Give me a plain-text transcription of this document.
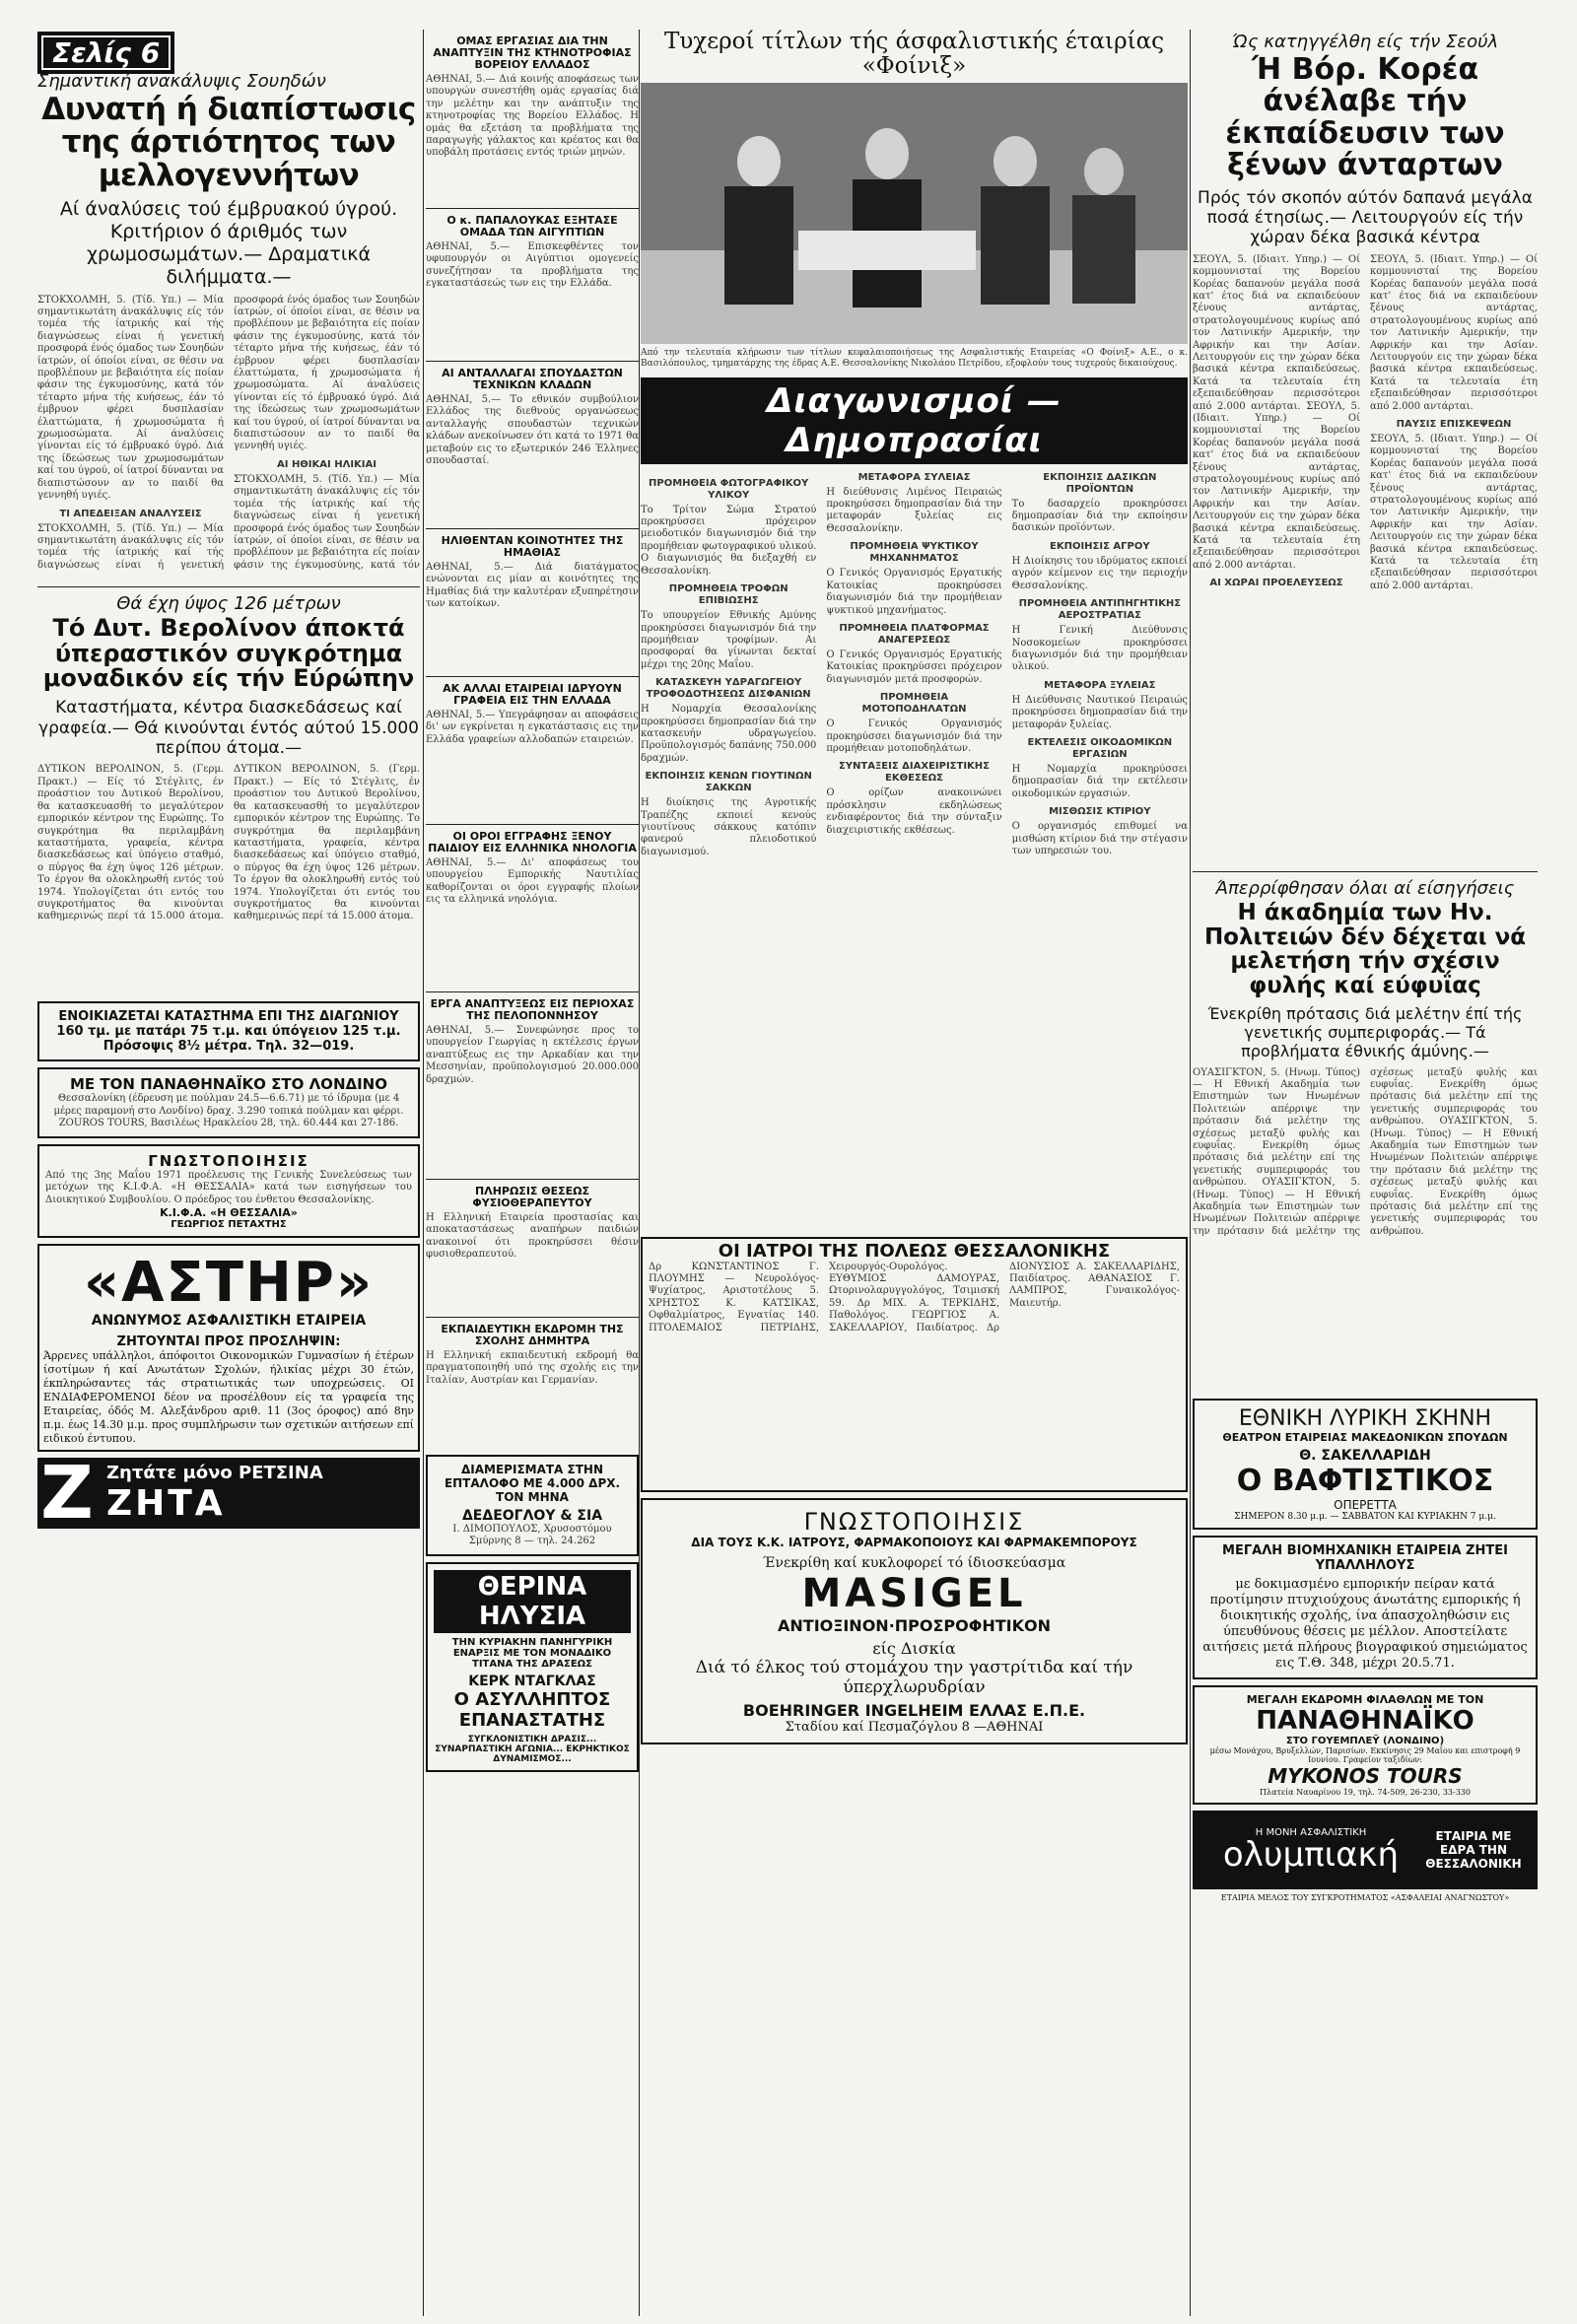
Σελίς 6
Σημαντική ανακάλυψις Σουηδών
Δυνατή ή διαπίστωσις της άρτιότητος των μελλογεννήτων
Αί άναλύσεις τού έμβρυακού ύγρού. Κριτήριον ό άριθμός των χρωμοσωμάτων.— Δραματικά διλήμματα.—
ΣΤΟΚΧΟΛΜΗ, 5. (Τίδ. Υπ.) — Μία σημαντικωτάτη άνακάλυψις είς τόν τομέα τής ίατρικής καί τής διαγνώσεως είναι ή γενετική προσφορά ένός όμαδος των Σουηδών ίατρών, οί όποίοι είναι, σε θέσιν να προβλέπουν με βεβαιότητα είς ποίαν φάσιν της έγκυμοσύνης, κατά τόν τέταρτο μήνα τής κυήσεως, έάν τό έμβρυον φέρει δυσπλασίαν έλαττώματα, ή χρωμοσώματα ή χρωμοσώματα. Αί άναλύσεις γίνονται είς τό έμβρυακό ύγρό. Διά της ίδεώσεως των χρωμοσωμάτων καί του ύγρού, οί ίατροί δύνανται να διαπιστώσουν αν το παιδί θα γεννηθή υγιές.
ΤΙ ΑΠΕΔΕΙΞΑΝ ΑΝΑΛΥΣΕΙΣ
ΣΤΟΚΧΟΛΜΗ, 5. (Τίδ. Υπ.) — Μία σημαντικωτάτη άνακάλυψις είς τόν τομέα τής ίατρικής καί τής διαγνώσεως είναι ή γενετική προσφορά ένός όμαδος των Σουηδών ίατρών, οί όποίοι είναι, σε θέσιν να προβλέπουν με βεβαιότητα είς ποίαν φάσιν της έγκυμοσύνης, κατά τόν τέταρτο μήνα τής κυήσεως, έάν τό έμβρυον φέρει δυσπλασίαν έλαττώματα, ή χρωμοσώματα ή χρωμοσώματα. Αί άναλύσεις γίνονται είς τό έμβρυακό ύγρό. Διά της ίδεώσεως των χρωμοσωμάτων καί του ύγρού, οί ίατροί δύνανται να διαπιστώσουν αν το παιδί θα γεννηθή υγιές.
ΑΙ ΗΘΙΚΑΙ ΗΛΙΚΙΑΙ
ΣΤΟΚΧΟΛΜΗ, 5. (Τίδ. Υπ.) — Μία σημαντικωτάτη άνακάλυψις είς τόν τομέα τής ίατρικής καί τής διαγνώσεως είναι ή γενετική προσφορά ένός όμαδος των Σουηδών ίατρών, οί όποίοι είναι, σε θέσιν να προβλέπουν με βεβαιότητα είς ποίαν φάσιν της έγκυμοσύνης, κατά τόν
Θά έχη ύψος 126 μέτρων
Τό Δυτ. Βερολίνον άποκτά ύπεραστικόν συγκρότημα μοναδικόν είς τήν Εύρώπην
Καταστήματα, κέντρα διασκεδάσεως καί γραφεία.— Θά κινούνται έντός αύτού 15.000 περίπου άτομα.—
ΔΥΤΙΚΟΝ ΒΕΡΟΛΙΝΟΝ, 5. (Γερμ. Πρακτ.) — Είς τό Στέγλιτς, έν προάστιον του Δυτικού Βερολίνου, θα κατασκευασθή το μεγαλύτερον εμπορικόν κέντρον της Ευρώπης. Το συγκρότημα θα περιλαμβάνη καταστήματα, γραφεία, κέντρα διασκεδάσεως καί ύπόγειο σταθμό, ο πύργος θα έχη ύψος 126 μέτρων. Το έργον θα ολοκληρωθή εντός τού 1974. Υπολογίζεται ότι εντός του συγκροτήματος θα κινούνται καθημερινώς περί τά 15.000 άτομα. ΔΥΤΙΚΟΝ ΒΕΡΟΛΙΝΟΝ, 5. (Γερμ. Πρακτ.) — Είς τό Στέγλιτς, έν προάστιον του Δυτικού Βερολίνου, θα κατασκευασθή το μεγαλύτερον εμπορικόν κέντρον της Ευρώπης. Το συγκρότημα θα περιλαμβάνη καταστήματα, γραφεία, κέντρα διασκεδάσεως καί ύπόγειο σταθμό, ο πύργος θα έχη ύψος 126 μέτρων. Το έργον θα ολοκληρωθή εντός τού 1974. Υπολογίζεται ότι εντός του συγκροτήματος θα κινούνται καθημερινώς περί τά 15.000 άτομα.
ΕΝΟΙΚΙΑΖΕΤΑΙ ΚΑΤΑΣΤΗΜΑ ΕΠΙ ΤΗΣ ΔΙΑΓΩΝΙΟΥ
160 τμ. με πατάρι 75 τ.μ. και ύπόγειον 125 τ.μ. Πρόσοψις 8½ μέτρα. Τηλ. 32—019.
ΜΕ ΤΟΝ ΠΑΝΑΘΗΝΑΪΚΟ ΣΤΟ ΛΟΝΔΙΝΟ
Θεσσαλονίκη (έδρευση με πούλμαν 24.5—6.6.71) με τό ίδρυμα (με 4 μέρες παραμονή στο Λονδίνο) δραχ. 3.290 τοπικά πούλμαν και φέρρι. ZOUROS TOURS, Βασιλέως Ηρακλείου 28, τηλ. 60.444 και 27-186.
ΓΝΩΣΤΟΠΟΙΗΣΙΣ
Από της 3ης Μαΐου 1971 προέλευσις της Γενικής Συνελεύσεως των μετόχων της Κ.Ι.Φ.Α. «Η ΘΕΣΣΑΛΙΑ» κατά των εισηγήσεων του Διοικητικού Συμβουλίου. Ο πρόεδρος του ένθετου Θεσσαλονίκης.
Κ.Ι.Φ.Α. «Η ΘΕΣΣΑΛΙΑ»
ΓΕΩΡΓΙΟΣ ΠΕΤΑΧΤΗΣ
«ΑΣΤΗΡ»
ΑΝΩΝΥΜΟΣ ΑΣΦΑΛΙΣΤΙΚΗ ΕΤΑΙΡΕΙΑ
ΖΗΤΟΥΝΤΑΙ ΠΡΟΣ ΠΡΟΣΛΗΨΙΝ:
Άρρενες υπάλληλοι, άπόφοιτοι Οικονομικών Γυμνασίων ή έτέρων ίσοτίμων ή καί Ανωτάτων Σχολών, ήλικίας μέχρι 30 έτών, έκπληρώσαντες τάς στρατιωτικάς των υποχρεώσεις. ΟΙ ΕΝΔΙΑΦΕΡΟΜΕΝΟΙ δέον να προσέλθουν είς τα γραφεία της Εταιρείας, όδός Μ. Αλεξάνδρου αριθ. 11 (3ος όροφος) από 8ην π.μ. έως 14.30 μ.μ. προς συμπλήρωσιν των σχετικών αιτήσεων επί ειδικού έντυπου.
Z Ζητάτε μόνο ΡΕΤΣΙΝΑ
ΖΗΤΑ
ΟΜΑΣ ΕΡΓΑΣΙΑΣ ΔΙΑ ΤΗΝ ΑΝΑΠΤΥΞΙΝ ΤΗΣ ΚΤΗΝΟΤΡΟΦΙΑΣ ΒΟΡΕΙΟΥ ΕΛΛΑΔΟΣ
ΑΘΗΝΑΙ, 5.— Διά κοινής αποφάσεως των υπουργών συνεστήθη ομάς εργασίας διά την μελέτην και την ανάπτυξιν της κτηνοτροφίας της Βορείου Ελλάδος. Η ομάς θα εξετάση τα προβλήματα της παραγωγής γάλακτος και κρέατος και θα υποβάλη προτάσεις εντός τριών μηνών.
Ο κ. ΠΑΠΑΛΟΥΚΑΣ ΕΞΗΤΑΣΕ ΟΜΑΔΑ ΤΩΝ ΑΙΓΥΠΤΙΩΝ
ΑΘΗΝΑΙ, 5.— Επισκεφθέντες τον υφυπουργόν οι Αιγύπτιοι ομογενείς συνεζήτησαν τα προβλήματα της εγκαταστάσεώς των εις την Ελλάδα.
ΑΙ ΑΝΤΑΛΛΑΓΑΙ ΣΠΟΥΔΑΣΤΩΝ ΤΕΧΝΙΚΩΝ ΚΛΑΔΩΝ
ΑΘΗΝΑΙ, 5.— Το εθνικόν συμβούλιον Ελλάδος της διεθνούς οργανώσεως ανταλλαγής σπουδαστών τεχνικών κλάδων ανεκοίνωσεν ότι κατά το 1971 θα μεταβούν εις το εξωτερικόν 246 Έλληνες σπουδασταί.
ΗΛΙΘΕΝΤΑΝ ΚΟΙΝΟΤΗΤΕΣ ΤΗΣ ΗΜΑΘΙΑΣ
ΑΘΗΝΑΙ, 5.— Διά διατάγματος ενώνονται εις μίαν αι κοινότητες της Ημαθίας διά την καλυτέραν εξυπηρέτησιν των κατοίκων.
ΑΚ ΑΛΛΑΙ ΕΤΑΙΡΕΙΑΙ ΙΔΡΥΟΥΝ ΓΡΑΦΕΙΑ ΕΙΣ ΤΗΝ ΕΛΛΑΔΑ
ΑΘΗΝΑΙ, 5.— Υπεγράφησαν αι αποφάσεις δι' ων εγκρίνεται η εγκατάστασις εις την Ελλάδα γραφείων αλλοδαπών εταιρειών.
ΟΙ ΟΡΟΙ ΕΓΓΡΑΦΗΣ ΞΕΝΟΥ ΠΑΙΔΙΟΥ ΕΙΣ ΕΛΛΗΝΙΚΑ ΝΗΟΛΟΓΙΑ
ΑΘΗΝΑΙ, 5.— Δι' αποφάσεως του υπουργείου Εμπορικής Ναυτιλίας καθορίζονται οι όροι εγγραφής πλοίων εις τα ελληνικά νηολόγια.
ΕΡΓΑ ΑΝΑΠΤΥΞΕΩΣ ΕΙΣ ΠΕΡΙΟΧΑΣ ΤΗΣ ΠΕΛΟΠΟΝΝΗΣΟΥ
ΑΘΗΝΑΙ, 5.— Συνεφώνησε προς το υπουργείον Γεωργίας η εκτέλεσις έργων αναπτύξεως εις την Αρκαδίαν και την Μεσσηνίαν, προϋπολογισμού 20.000.000 δραχμών.
ΠΛΗΡΩΣΙΣ ΘΕΣΕΩΣ ΦΥΣΙΟΘΕΡΑΠΕΥΤΟΥ
Η Ελληνική Εταιρεία προστασίας και αποκαταστάσεως αναπήρων παιδιών ανακοινοί ότι προκηρύσσει θέσιν φυσιοθεραπευτού.
ΕΚΠΑΙΔΕΥΤΙΚΗ ΕΚΔΡΟΜΗ ΤΗΣ ΣΧΟΛΗΣ ΔΗΜΗΤΡΑ
Η Ελληνική εκπαιδευτική εκδρομή θα πραγματοποιηθή υπό της σχολής εις την Ιταλίαν, Αυστρίαν και Γερμανίαν.
ΔΙΑΜΕΡΙΣΜΑΤΑ ΣΤΗΝ ΕΠΤΑΛΟΦΟ ΜΕ 4.000 ΔΡΧ. ΤΟΝ ΜΗΝΑ
ΔΕΔΕΟΓΛΟΥ & ΣΙΑ
Ι. ΔΙΜΟΠΟΥΛΟΣ, Χρυσοστόμου Σμύρνης 8 — τηλ. 24.262
ΘΕΡΙΝΑ ΗΛΥΣΙΑ
ΤΗΝ ΚΥΡΙΑΚΗΝ ΠΑΝΗΓΥΡΙΚΗ ΕΝΑΡΞΙΣ ΜΕ ΤΟΝ ΜΟΝΑΔΙΚΟ ΤΙΤΑΝΑ ΤΗΣ ΔΡΑΣΕΩΣ
ΚΕΡΚ ΝΤΑΓΚΛΑΣ
Ο ΑΣΥΛΛΗΠΤΟΣ ΕΠΑΝΑΣΤΑΤΗΣ
ΣΥΓΚΛΟΝΙΣΤΙΚΗ ΔΡΑΣΙΣ... ΣΥΝΑΡΠΑΣΤΙΚΗ ΑΓΩΝΙΑ... ΕΚΡΗΚΤΙΚΟΣ ΔΥΝΑΜΙΣΜΟΣ...
Τυχεροί τίτλων τής άσφαλιστικής έταιρίας «Φοίνιξ»
Από την τελευταία κλήρωσιν των τίτλων κεφαλαιοποιήσεως της Ασφαλιστικής Εταιρείας «Ο Φοίνιξ» Α.Ε., ο κ. Βασιλόπουλος, τμηματάρχης της έδρας Α.Ε. Θεσσαλονίκης Νικολάου Πετρίδου, εξοφλούν τους τυχερούς δικαιούχους.
Διαγωνισμοί — Δημοπρασίαι
ΠΡΟΜΗΘΕΙΑ ΦΩΤΟΓΡΑΦΙΚΟΥ ΥΛΙΚΟΥ
Το Τρίτον Σώμα Στρατού προκηρύσσει πρόχειρον μειοδοτικόν διαγωνισμόν διά την προμήθειαν φωτογραφικού υλικού. Ο διαγωνισμός θα διεξαχθή εν Θεσσαλονίκη.
ΠΡΟΜΗΘΕΙΑ ΤΡΟΦΩΝ ΕΠΙΒΙΩΣΗΣ
Το υπουργείον Εθνικής Αμύνης προκηρύσσει διαγωνισμόν διά την προμήθειαν τροφίμων. Αι προσφοραί θα γίνωνται δεκταί μέχρι της 20ης Μαΐου.
ΚΑΤΑΣΚΕΥΗ ΥΔΡΑΓΩΓΕΙΟΥ ΤΡΟΦΟΔΟΤΗΣΕΩΣ ΔΙΣΦΑΝΙΩΝ
Η Νομαρχία Θεσσαλονίκης προκηρύσσει δημοπρασίαν διά την κατασκευήν υδραγωγείου. Προϋπολογισμός δαπάνης 750.000 δραχμών.
ΕΚΠΟΙΗΣΙΣ ΚΕΝΩΝ ΓΙΟΥΤΙΝΩΝ ΣΑΚΚΩΝ
Η διοίκησις της Αγροτικής Τραπέζης εκποιεί κενούς γιουτίνους σάκκους κατόπιν φανερού πλειοδοτικού διαγωνισμού.
ΜΕΤΑΦΟΡΑ ΣΥΛΕΙΑΣ
Η διεύθυνσις Λιμένος Πειραιώς προκηρύσσει δημοπρασίαν διά την μεταφοράν ξυλείας εις Θεσσαλονίκην.
ΠΡΟΜΗΘΕΙΑ ΨΥΚΤΙΚΟΥ ΜΗΧΑΝΗΜΑΤΟΣ
Ο Γενικός Οργανισμός Εργατικής Κατοικίας προκηρύσσει διαγωνισμόν διά την προμήθειαν ψυκτικού μηχανήματος.
ΠΡΟΜΗΘΕΙΑ ΠΛΑΤΦΟΡΜΑΣ ΑΝΑΓΕΡΣΕΩΣ
Ο Γενικός Οργανισμός Εργατικής Κατοικίας προκηρύσσει πρόχειρον διαγωνισμόν μετά προσφορών.
ΠΡΟΜΗΘΕΙΑ ΜΟΤΟΠΟΔΗΛΑΤΩΝ
Ο Γενικός Οργανισμός προκηρύσσει διαγωνισμόν διά την προμήθειαν μοτοποδηλάτων.
ΣΥΝΤΑΞΕΙΣ ΔΙΑΧΕΙΡΙΣΤΙΚΗΣ ΕΚΘΕΣΕΩΣ
Ο ορίζων ανακοινώνει πρόσκλησιν εκδηλώσεως ενδιαφέροντος διά την σύνταξιν διαχειριστικής εκθέσεως.
ΕΚΠΟΙΗΣΙΣ ΔΑΣΙΚΩΝ ΠΡΟΪΟΝΤΩΝ
Το δασαρχείο προκηρύσσει δημοπρασίαν διά την εκποίησιν δασικών προϊόντων.
ΕΚΠΟΙΗΣΙΣ ΑΓΡΟΥ
Η Διοίκησις του ιδρύματος εκποιεί αγρόν κείμενον εις την περιοχήν Θεσσαλονίκης.
ΠΡΟΜΗΘΕΙΑ ΑΝΤΙΠΗΓΗΤΙΚΗΣ ΑΕΡΟΣΤΡΑΤΙΑΣ
Η Γενική Διεύθυνσις Νοσοκομείων προκηρύσσει διαγωνισμόν διά την προμήθειαν υλικού.
ΜΕΤΑΦΟΡΑ ΞΥΛΕΙΑΣ
Η Διεύθυνσις Ναυτικού Πειραιώς προκηρύσσει δημοπρασίαν διά την μεταφοράν ξυλείας.
ΕΚΤΕΛΕΣΙΣ ΟΙΚΟΔΟΜΙΚΩΝ ΕΡΓΑΣΙΩΝ
Η Νομαρχία προκηρύσσει δημοπρασίαν διά την εκτέλεσιν οικοδομικών εργασιών.
ΜΙΣΘΩΣΙΣ ΚΤΙΡΙΟΥ
Ο οργανισμός επιθυμεί να μισθώση κτίριον διά την στέγασιν των υπηρεσιών του.
ΟΙ ΙΑΤΡΟΙ ΤΗΣ ΠΟΛΕΩΣ ΘΕΣΣΑΛΟΝΙΚΗΣ
Δρ ΚΩΝΣΤΑΝΤΙΝΟΣ Γ. ΠΛΟΥΜΗΣ — Νευρολόγος-Ψυχίατρος, Αριστοτέλους 5. ΧΡΗΣΤΟΣ Κ. ΚΑΤΣΙΚΑΣ, Οφθαλμίατρος, Εγνατίας 140. ΠΤΟΛΕΜΑΙΟΣ ΠΕΤΡΙΔΗΣ, Χειρουργός-Ουρολόγος. ΕΥΘΥΜΙΟΣ ΔΑΜΟΥΡΑΣ, Ωτορινολαρυγγολόγος, Τσιμισκή 59. Δρ ΜΙΧ. Α. ΤΕΡΚΙΔΗΣ, Παθολόγος. ΓΕΩΡΓΙΟΣ Α. ΣΑΚΕΛΛΑΡΙΟΥ, Παιδίατρος. Δρ ΔΙΟΝΥΣΙΟΣ Α. ΣΑΚΕΛΛΑΡΙΔΗΣ, Παιδίατρος. ΑΘΑΝΑΣΙΟΣ Γ. ΛΑΜΠΡΟΣ, Γυναικολόγος-Μαιευτήρ.
ΓΝΩΣΤΟΠΟΙΗΣΙΣ
ΔΙΑ ΤΟΥΣ Κ.Κ. ΙΑΤΡΟΥΣ, ΦΑΡΜΑΚΟΠΟΙΟΥΣ ΚΑΙ ΦΑΡΜΑΚΕΜΠΟΡΟΥΣ
Ένεκρίθη καί κυκλοφορεί τό ίδιοσκεύασμα
MASIGEL
ΑΝΤΙΟΞΙΝΟΝ·ΠΡΟΣΡΟΦΗΤΙΚΟΝ
είς Δισκία
Διά τό έλκος τού στομάχου την γαστρίτιδα καί τήν ύπερχλωρυδρίαν
BOEHRINGER INGELHEIM ΕΛΛΑΣ Ε.Π.Ε.
Σταδίου καί Πεσμαζόγλου 8 —ΑΘΗΝΑΙ
Ώς κατηγγέλθη είς τήν Σεούλ
Ή Βόρ. Κορέα άνέλαβε τήν έκπαίδευσιν των ξένων άνταρτων
Πρός τόν σκοπόν αύτόν δαπανά μεγάλα ποσά έτησίως.— Λειτουργούν είς τήν χώραν δέκα βασικά κέντρα
ΣΕΟΥΛ, 5. (Ιδιαιτ. Υπηρ.) — Οί κομμουνισταί της Βορείου Κορέας δαπανούν μεγάλα ποσά κατ' έτος διά να εκπαιδεύουν ξένους αντάρτας, στρατολογουμένους κυρίως από τον Λατινικήν Αμερικήν, την Αφρικήν και την Ασίαν. Λειτουργούν εις την χώραν δέκα βασικά κέντρα εκπαιδεύσεως. Κατά τα τελευταία έτη εξεπαιδεύθησαν περισσότεροι από 2.000 αντάρται. ΣΕΟΥΛ, 5. (Ιδιαιτ. Υπηρ.) — Οί κομμουνισταί της Βορείου Κορέας δαπανούν μεγάλα ποσά κατ' έτος διά να εκπαιδεύουν ξένους αντάρτας, στρατολογουμένους κυρίως από τον Λατινικήν Αμερικήν, την Αφρικήν και την Ασίαν. Λειτουργούν εις την χώραν δέκα βασικά κέντρα εκπαιδεύσεως. Κατά τα τελευταία έτη εξεπαιδεύθησαν περισσότεροι από 2.000 αντάρται.
ΑΙ ΧΩΡΑΙ ΠΡΟΕΛΕΥΣΕΩΣ
ΣΕΟΥΛ, 5. (Ιδιαιτ. Υπηρ.) — Οί κομμουνισταί της Βορείου Κορέας δαπανούν μεγάλα ποσά κατ' έτος διά να εκπαιδεύουν ξένους αντάρτας, στρατολογουμένους κυρίως από τον Λατινικήν Αμερικήν, την Αφρικήν και την Ασίαν. Λειτουργούν εις την χώραν δέκα βασικά κέντρα εκπαιδεύσεως. Κατά τα τελευταία έτη εξεπαιδεύθησαν περισσότεροι από 2.000 αντάρται.
ΠΑΥΣΙΣ ΕΠΙΣΚΕΨΕΩΝ
ΣΕΟΥΛ, 5. (Ιδιαιτ. Υπηρ.) — Οί κομμουνισταί της Βορείου Κορέας δαπανούν μεγάλα ποσά κατ' έτος διά να εκπαιδεύουν ξένους αντάρτας, στρατολογουμένους κυρίως από τον Λατινικήν Αμερικήν, την Αφρικήν και την Ασίαν. Λειτουργούν εις την χώραν δέκα βασικά κέντρα εκπαιδεύσεως. Κατά τα τελευταία έτη εξεπαιδεύθησαν περισσότεροι από 2.000 αντάρται.
Άπερρίφθησαν όλαι αί είσηγήσεις
Η άκαδημία των Ην. Πολιτειών δέν δέχεται νά μελετήση τήν σχέσιν φυλής καί εύφυΐας
Ένεκρίθη πρότασις διά μελέτην έπί τής γενετικής συμπεριφοράς.— Τά προβλήματα έθνικής άμύνης.—
ΟΥΑΣΙΓΚΤΟΝ, 5. (Ηνωμ. Τύπος) — Η Εθνική Ακαδημία των Επιστημών των Ηνωμένων Πολιτειών απέρριψε την πρότασιν διά μελέτην της σχέσεως μεταξύ φυλής και ευφυΐας. Ενεκρίθη όμως πρότασις διά μελέτην επί της γενετικής συμπεριφοράς του ανθρώπου. ΟΥΑΣΙΓΚΤΟΝ, 5. (Ηνωμ. Τύπος) — Η Εθνική Ακαδημία των Επιστημών των Ηνωμένων Πολιτειών απέρριψε την πρότασιν διά μελέτην της σχέσεως μεταξύ φυλής και ευφυΐας. Ενεκρίθη όμως πρότασις διά μελέτην επί της γενετικής συμπεριφοράς του ανθρώπου. ΟΥΑΣΙΓΚΤΟΝ, 5. (Ηνωμ. Τύπος) — Η Εθνική Ακαδημία των Επιστημών των Ηνωμένων Πολιτειών απέρριψε την πρότασιν διά μελέτην της σχέσεως μεταξύ φυλής και ευφυΐας. Ενεκρίθη όμως πρότασις διά μελέτην επί της γενετικής συμπεριφοράς του ανθρώπου.
ΕΘΝΙΚΗ ΛΥΡΙΚΗ ΣΚΗΝΗ
ΘΕΑΤΡΟΝ ΕΤΑΙΡΕΙΑΣ ΜΑΚΕΔΟΝΙΚΩΝ ΣΠΟΥΔΩΝ
Θ. ΣΑΚΕΛΛΑΡΙΔΗ
Ο ΒΑΦΤΙΣΤΙΚΟΣ
ΟΠΕΡΕΤΤΑ
ΣΗΜΕΡΟΝ 8.30 μ.μ. — ΣΑΒΒΑΤΟΝ ΚΑΙ ΚΥΡΙΑΚΗΝ 7 μ.μ.
ΜΕΓΑΛΗ ΒΙΟΜΗΧΑΝΙΚΗ ΕΤΑΙΡΕΙΑ ΖΗΤΕΙ ΥΠΑΛΛΗΛΟΥΣ
με δοκιμασμένο εμπορικήν πείραν κατά προτίμησιν πτυχιούχους άνωτάτης εμπορικής ή διοικητικής σχολής, ίνα άπασχοληθώσιν εις ύπευθύνους θέσεις με μέλλον. Αποστείλατε αιτήσεις μετά πλήρους βιογραφικού σημειώματος εις Τ.Θ. 348, μέχρι 20.5.71.
ΜΕΓΑΛΗ ΕΚΔΡΟΜΗ ΦΙΛΑΘΛΩΝ ΜΕ ΤΟΝ
ΠΑΝΑΘΗΝΑΪΚΟ
ΣΤΟ ΓΟΥΕΜΠΛΕΫ (ΛΟΝΔΙΝΟ)
μέσω Μονάχου, Βρυξελλών, Παρισίων. Εκκίνησις 29 Μαΐου και επιστροφή 9 Ιουνίου. Γραφείον ταξιδίων:
MYKONOS TOURS
Πλατεία Ναυαρίνου 19, τηλ. 74-509, 26-230, 33-330
Η ΜΟΝΗ ΑΣΦΑΛΙΣΤΙΚΗ
ολυμπιακή	ΕΤΑΙΡΙΑ ΜΕ ΕΔΡΑ ΤΗΝ ΘΕΣΣΑΛΟΝΙΚΗ
ΕΤΑΙΡΙΑ ΜΕΛΟΣ ΤΟΥ ΣΥΓΚΡΟΤΗΜΑΤΟΣ «ΑΣΦΑΛΕΙΑΙ ΑΝΑΓΝΩΣΤΟΥ»
